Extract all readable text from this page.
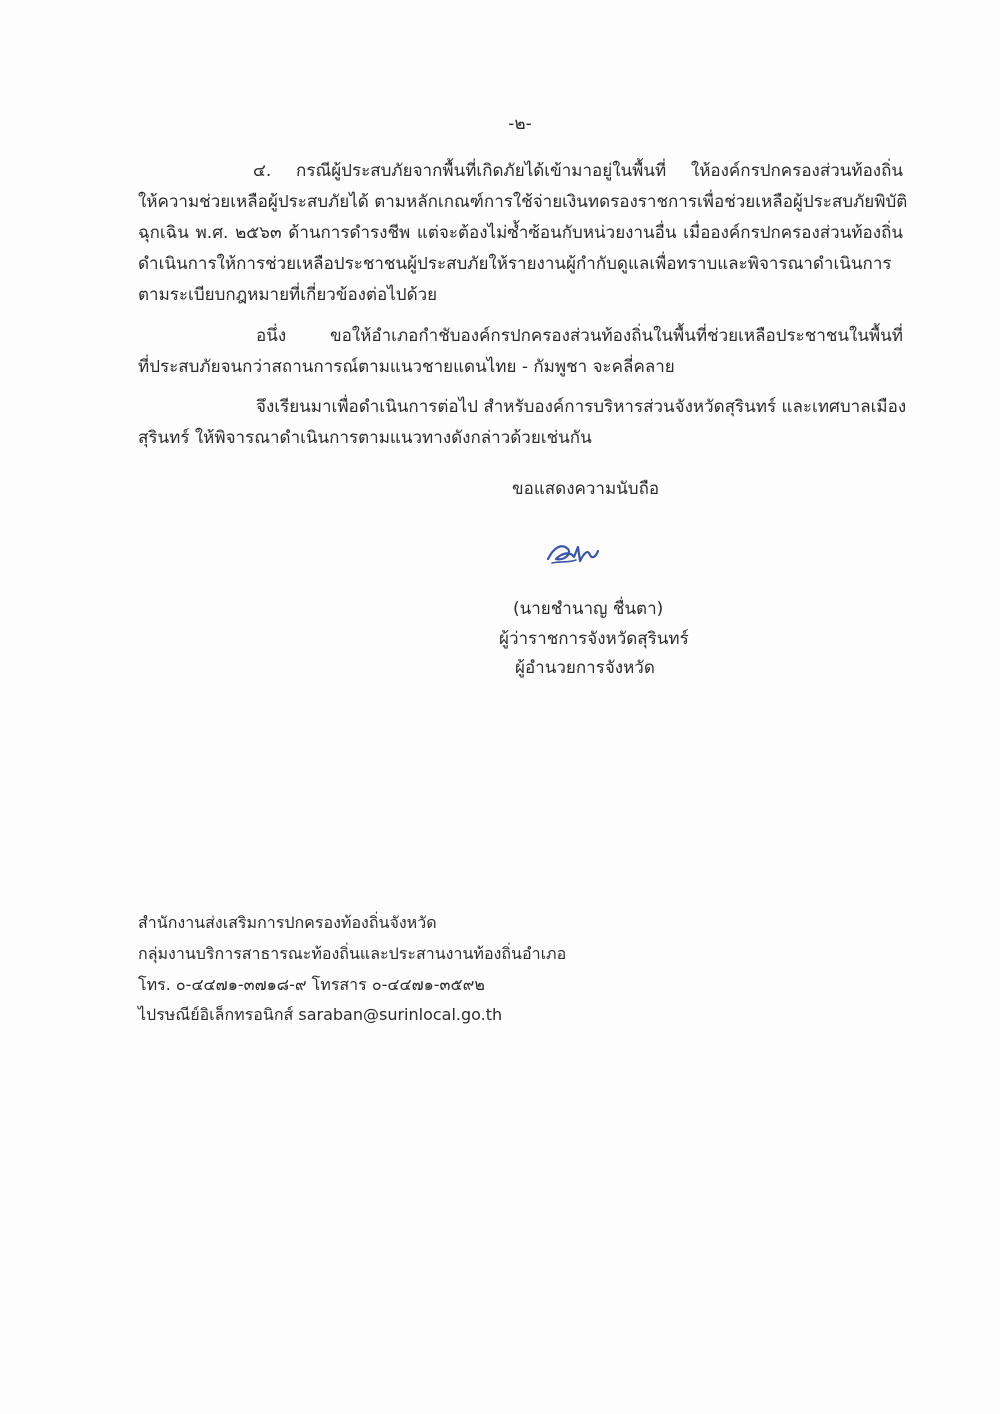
-๒-
๔. กรณีผู้ประสบภัยจากพื้นที่เกิดภัยได้เข้ามาอยู่ในพื้นที่ ให้องค์กรปกครองส่วนท้องถิ่น
ให้ความช่วยเหลือผู้ประสบภัยได้ ตามหลักเกณฑ์การใช้จ่ายเงินทดรองราชการเพื่อช่วยเหลือผู้ประสบภัยพิบัติ
ฉุกเฉิน พ.ศ. ๒๕๖๓ ด้านการดำรงชีพ แต่จะต้องไม่ซ้ำซ้อนกับหน่วยงานอื่น เมื่อองค์กรปกครองส่วนท้องถิ่น
ดำเนินการให้การช่วยเหลือประชาชนผู้ประสบภัยให้รายงานผู้กำกับดูแลเพื่อทราบและพิจารณาดำเนินการ
ตามระเบียบกฎหมายที่เกี่ยวข้องต่อไปด้วย
อนึ่ง ขอให้อำเภอกำชับองค์กรปกครองส่วนท้องถิ่นในพื้นที่ช่วยเหลือประชาชนในพื้นที่
ที่ประสบภัยจนกว่าสถานการณ์ตามแนวชายแดนไทย - กัมพูชา จะคลี่คลาย
จึงเรียนมาเพื่อดำเนินการต่อไป สำหรับองค์การบริหารส่วนจังหวัดสุรินทร์ และเทศบาลเมือง
สุรินทร์ ให้พิจารณาดำเนินการตามแนวทางดังกล่าวด้วยเช่นกัน
ขอแสดงความนับถือ
(นายชำนาญ ชื่นตา)
ผู้ว่าราชการจังหวัดสุรินทร์
ผู้อำนวยการจังหวัด
สำนักงานส่งเสริมการปกครองท้องถิ่นจังหวัด
กลุ่มงานบริการสาธารณะท้องถิ่นและประสานงานท้องถิ่นอำเภอ
โทร. ๐-๔๔๗๑-๓๗๑๘-๙ โทรสาร ๐-๔๔๗๑-๓๕๙๒
ไปรษณีย์อิเล็กทรอนิกส์ saraban@surinlocal.go.th
